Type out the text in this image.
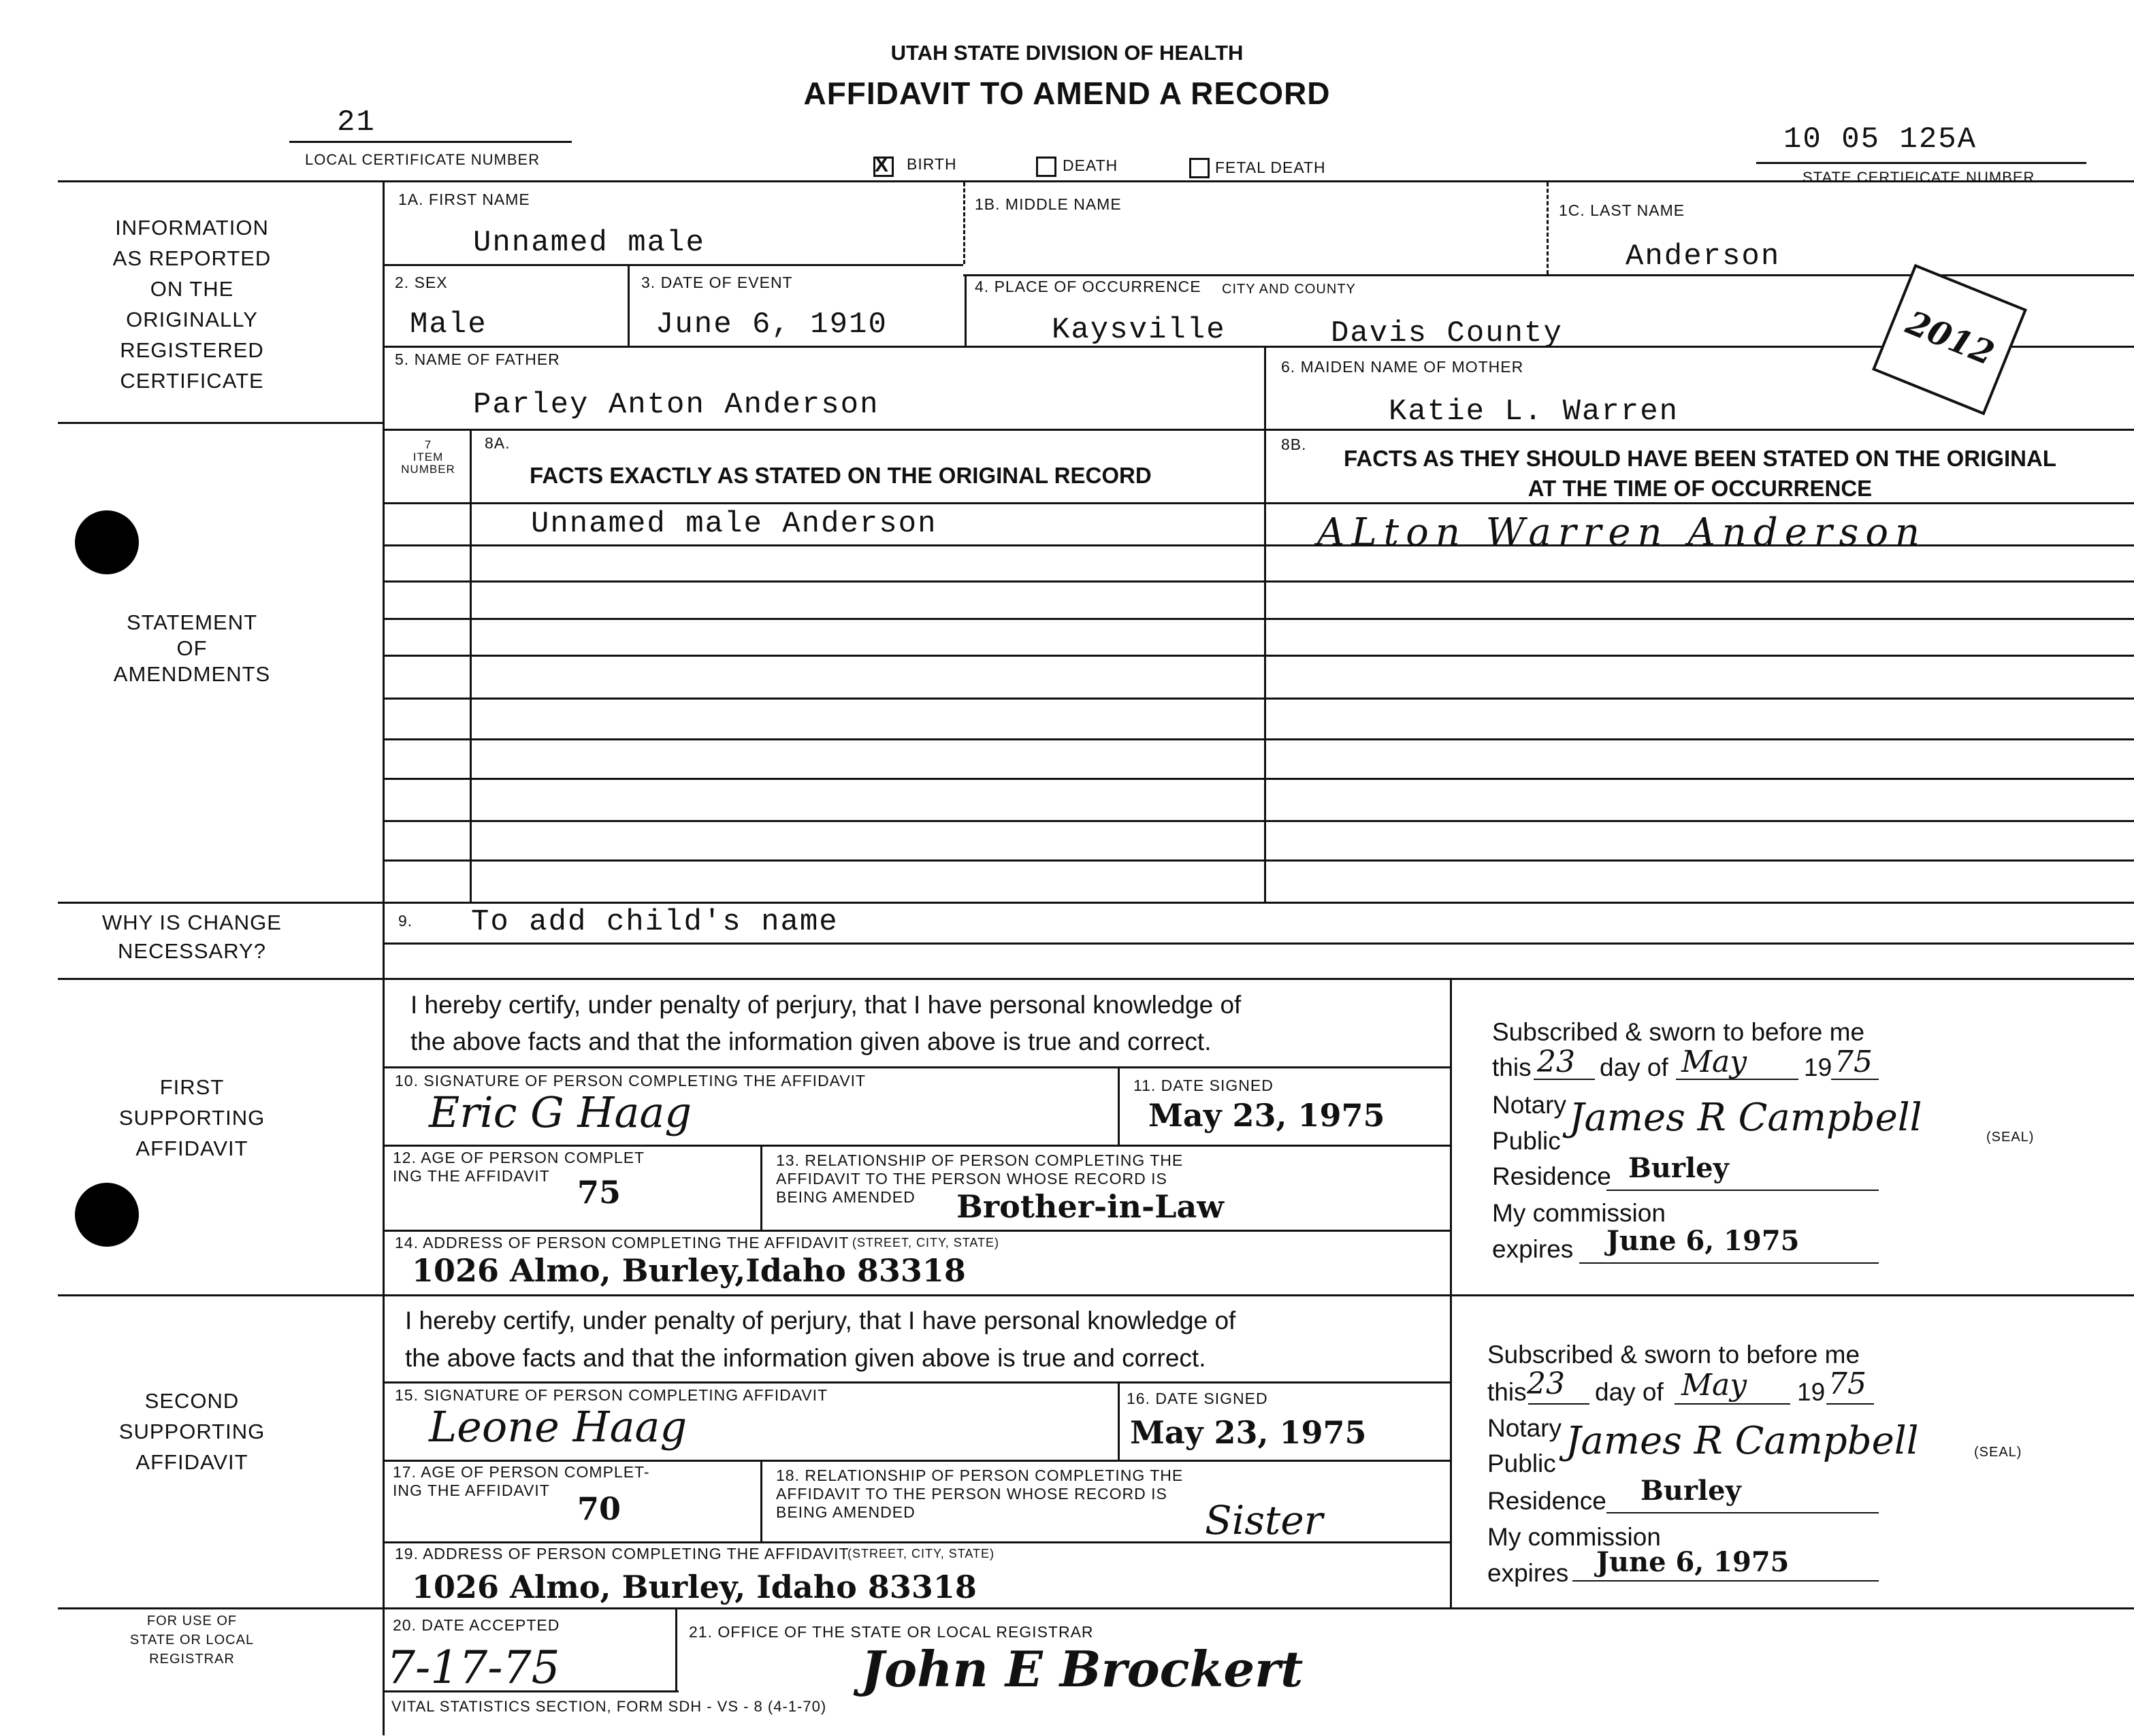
UTAH STATE DIVISION OF HEALTH
AFFIDAVIT TO AMEND A RECORD
21
LOCAL CERTIFICATE NUMBER
10 05 125A
STATE CERTIFICATE NUMBER
X BIRTH	DEATH	FETAL DEATH
INFORMATION
AS REPORTED
ON THE
ORIGINALLY
REGISTERED
CERTIFICATE
STATEMENT
OF
AMENDMENTS
WHY IS CHANGE
NECESSARY?
FIRST
SUPPORTING
AFFIDAVIT
SECOND
SUPPORTING
AFFIDAVIT
FOR USE OF
STATE OR LOCAL
REGISTRAR
1A. FIRST NAME
Unnamed male
1B. MIDDLE NAME	1C. LAST NAME
Anderson
2. SEX
Male
3. DATE OF EVENT
June 6, 1910
4. PLACE OF OCCURRENCE CITY AND COUNTY
Kaysville	Davis County
5. NAME OF FATHER
Parley Anton Anderson
6. MAIDEN NAME OF MOTHER
Katie L. Warren
2012
7
ITEM
NUMBER
8A.
FACTS EXACTLY AS STATED ON THE ORIGINAL RECORD
8B.
FACTS AS THEY SHOULD HAVE BEEN STATED ON THE ORIGINAL
AT THE TIME OF OCCURRENCE
Unnamed male Anderson	ALton Warren Anderson
9. To add child's name
I hereby certify, under penalty of perjury, that I have personal knowledge of
the above facts and that the information given above is true and correct.
10. SIGNATURE OF PERSON COMPLETING THE AFFIDAVIT
Eric G Haag
11. DATE SIGNED
May 23, 1975
12. AGE OF PERSON COMPLET
ING THE AFFIDAVIT 75
13. RELATIONSHIP OF PERSON COMPLETING THE
AFFIDAVIT TO THE PERSON WHOSE RECORD IS
BEING AMENDED	Brother-in-Law
14. ADDRESS OF PERSON COMPLETING THE AFFIDAVIT (STREET, CITY, STATE)
1026 Almo, Burley,Idaho 83318
Subscribed & sworn to before me
this 23 day of May 19 75
Notary
Public
James R Campbell	(SEAL)
Residence Burley
My commission
expires June 6, 1975
I hereby certify, under penalty of perjury, that I have personal knowledge of
the above facts and that the information given above is true and correct.
15. SIGNATURE OF PERSON COMPLETING AFFIDAVIT
Leone Haag
16. DATE SIGNED
May 23, 1975
17. AGE OF PERSON COMPLET-
ING THE AFFIDAVIT 70
18. RELATIONSHIP OF PERSON COMPLETING THE
AFFIDAVIT TO THE PERSON WHOSE RECORD IS
BEING AMENDED	Sister
19. ADDRESS OF PERSON COMPLETING THE AFFIDAVIT
(STREET, CITY, STATE)
1026 Almo, Burley, Idaho 83318
Subscribed & sworn to before me
this 23 day of May 19 75
Notary
Public
James R Campbell	(SEAL)
Residence Burley
My commission
expires June 6, 1975
20. DATE ACCEPTED
7-17-75
21. OFFICE OF THE STATE OR LOCAL REGISTRAR
John E Brockert
VITAL STATISTICS SECTION, FORM SDH - VS - 8 (4-1-70)
